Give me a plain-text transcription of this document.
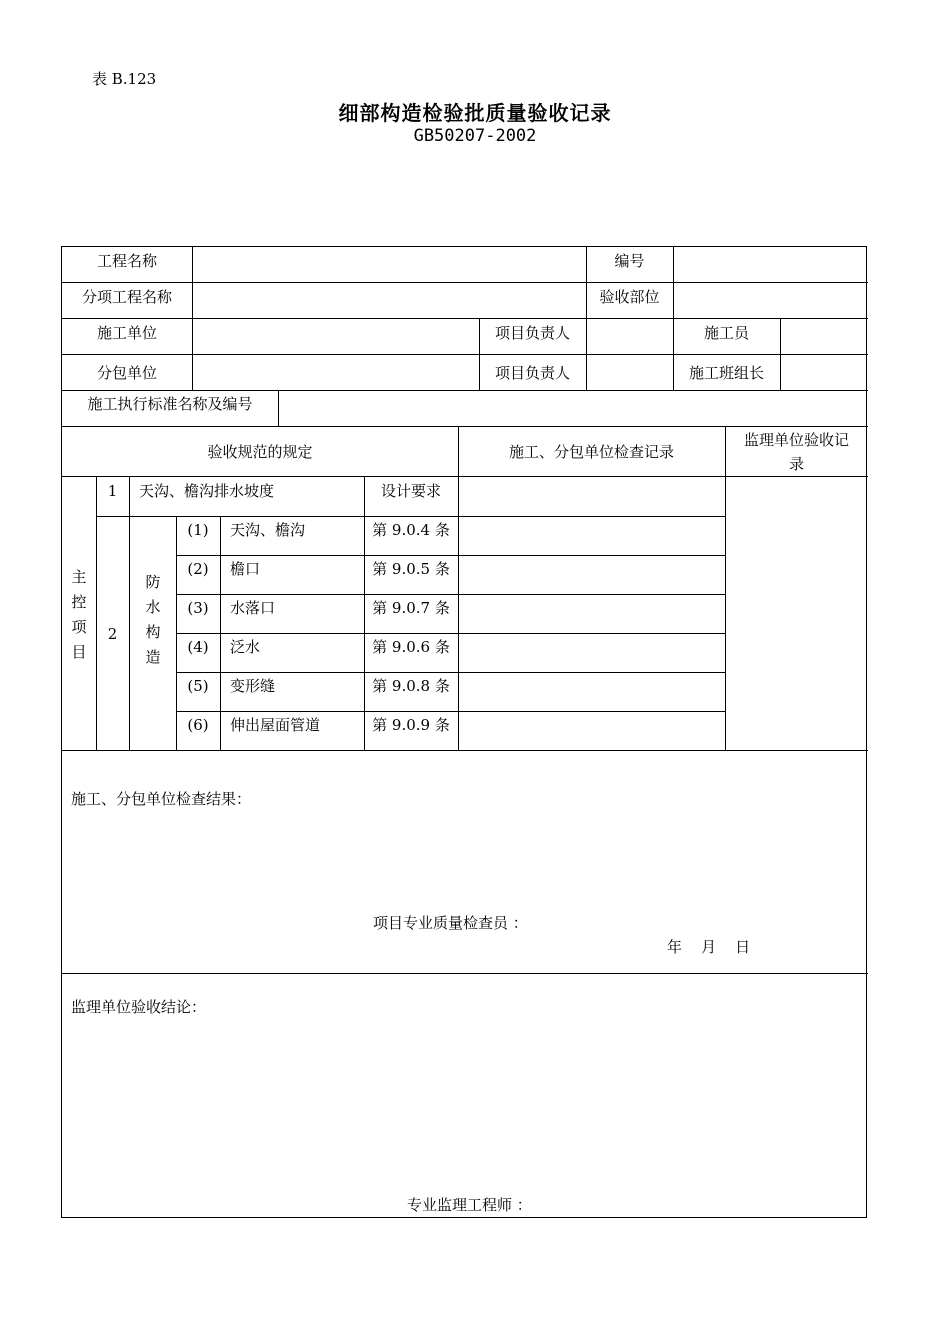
表 B.123
细部构造检验批质量验收记录
GB50207-2002
工程名称	编号
分项工程名称	验收部位
施工单位	项目负责人	施工员
分包单位	项目负责人	施工班组长
施工执行标准名称及编号
验收规范的规定	施工、分包单位检查记录
监理单位验收记
录
主
控
项
目
1	天沟、檐沟排水坡度	设计要求
2
防
水
构
造
(1)	天沟、檐沟	第 9.0.4 条
(2)	檐口	第 9.0.5 条
(3)	水落口	第 9.0.7 条
(4)	泛水	第 9.0.6 条
(5)	变形缝	第 9.0.8 条
(6)	伸出屋面管道	第 9.0.9 条
施工、分包单位检查结果：
项目专业质量检查员 ：
年    月    日
监理单位验收结论：
专业监理工程师 ：
